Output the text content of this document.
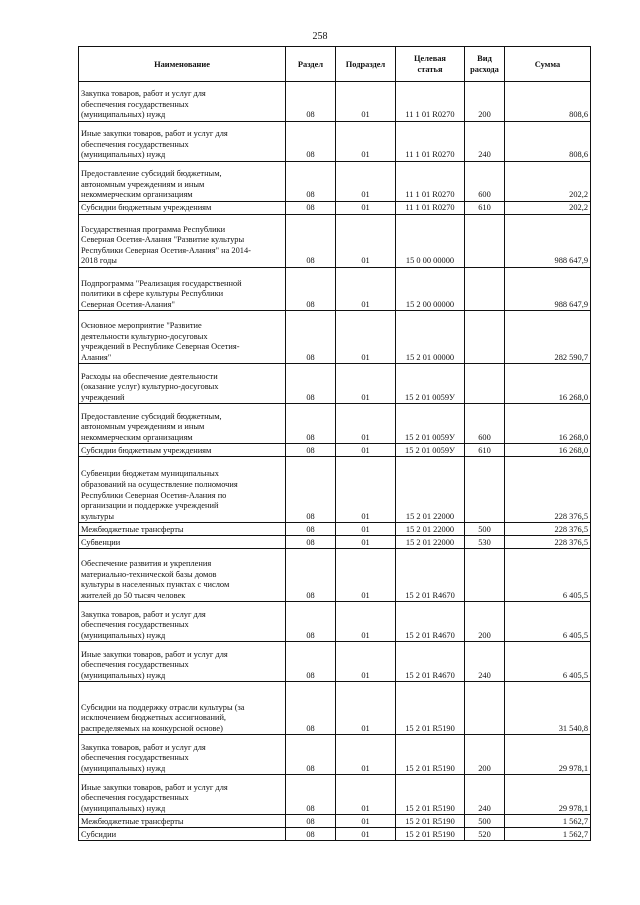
258
Наименование	Раздел	Подраздел	Целевая
статья	Вид
расхода	Сумма
Закупка товаров, работ и услуг для
обеспечения государственных
(муниципальных) нужд	08	01	11 1 01 R0270	200	808,6
Иные закупки товаров, работ и услуг для
обеспечения государственных
(муниципальных) нужд	08	01	11 1 01 R0270	240	808,6
Предоставление субсидий бюджетным,
автономным учреждениям и иным
некоммерческим организациям	08	01	11 1 01 R0270	600	202,2
Субсидии бюджетным учреждениям	08	01	11 1 01 R0270	610	202,2
Государственная программа Республики
Северная Осетия-Алания "Развитие культуры
Республики Северная Осетия-Алания" на 2014-
2018 годы	08	01	15 0 00 00000		988 647,9

Подпрограмма "Реализация государственной
политики в сфере культуры Республики
Северная Осетия-Алания"	08	01	15 2 00 00000		988 647,9
Основное мероприятие "Развитие
деятельности культурно-досуговых
учреждений в Республике Северная Осетия-
Алания"	08	01	15 2 01 00000		282 590,7
Расходы на обеспечение деятельности
(оказание услуг) культурно-досуговых
учреждений	08	01	15 2 01 0059У		16 268,0
Предоставление субсидий бюджетным,
автономным учреждениям и иным
некоммерческим организациям	08	01	15 2 01 0059У	600	16 268,0
Субсидии бюджетным учреждениям	08	01	15 2 01 0059У	610	16 268,0
Субвенции бюджетам муниципальных
образований на осуществление полномочия
Республики Северная Осетия-Алания по
организации и поддержке учреждений
культуры	08	01	15 2 01 22000		228 376,5
Межбюджетные трансферты	08	01	15 2 01 22000	500	228 376,5
Субвенции	08	01	15 2 01 22000	530	228 376,5
Обеспечение развития и укрепления
материально-технической базы домов
культуры в населенных пунктах с числом
жителей до 50 тысяч человек	08	01	15 2 01 R4670		6 405,5
Закупка товаров, работ и услуг для
обеспечения государственных
(муниципальных) нужд	08	01	15 2 01 R4670	200	6 405,5
Иные закупки товаров, работ и услуг для
обеспечения государственных
(муниципальных) нужд	08	01	15 2 01 R4670	240	6 405,5

Субсидии на поддержку отрасли культуры (за
исключением бюджетных ассигнований,
распределяемых на конкурсной основе)	08	01	15 2 01 R5190		31 540,8
Закупка товаров, работ и услуг для
обеспечения государственных
(муниципальных) нужд	08	01	15 2 01 R5190	200	29 978,1
Иные закупки товаров, работ и услуг для
обеспечения государственных
(муниципальных) нужд	08	01	15 2 01 R5190	240	29 978,1
Межбюджетные трансферты	08	01	15 2 01 R5190	500	1 562,7
Субсидии	08	01	15 2 01 R5190	520	1 562,7
